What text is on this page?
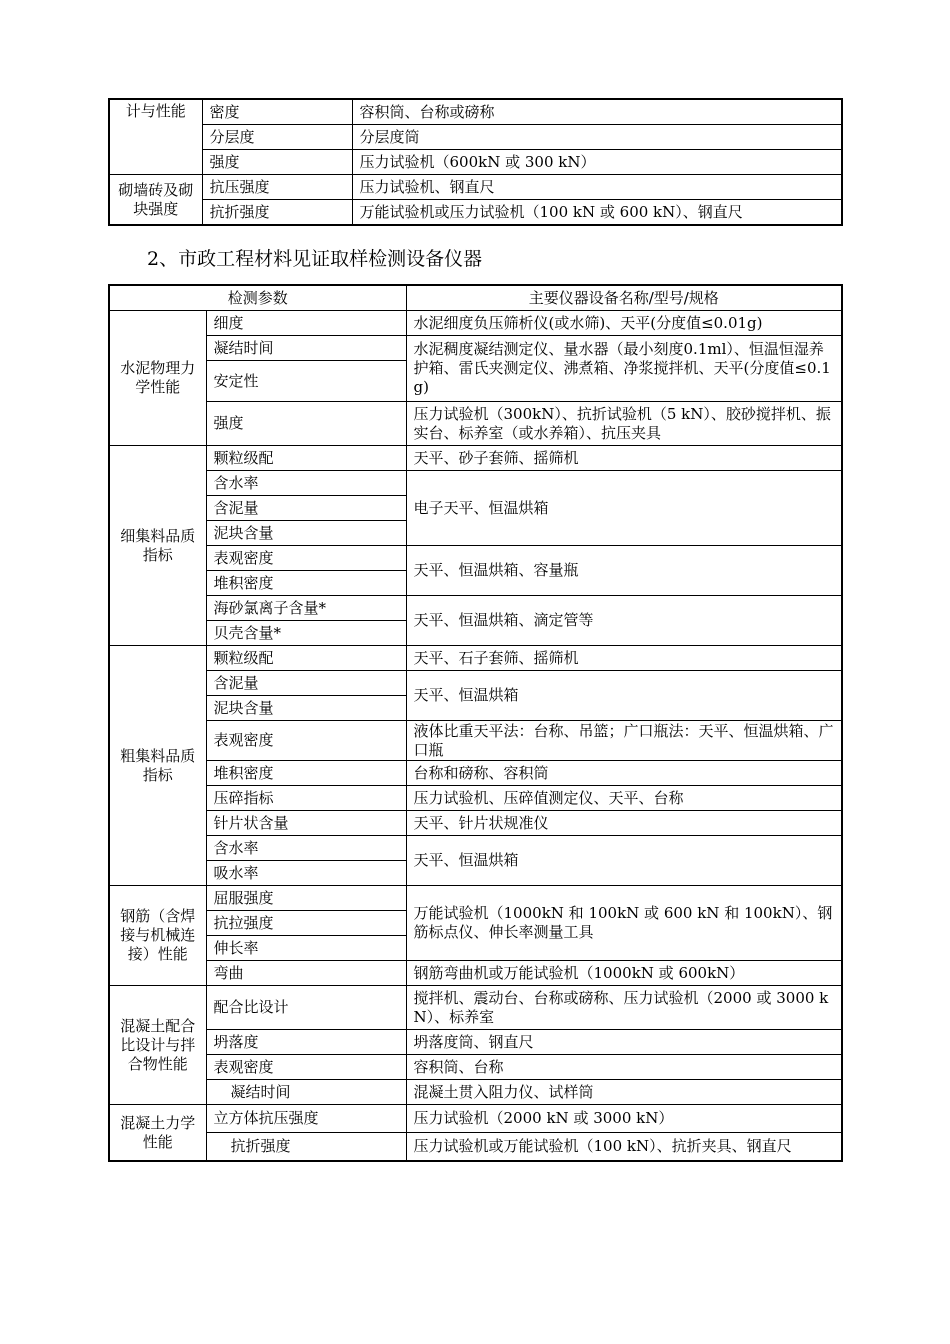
计与性能	密度	容积筒、台称或磅称
	分层度	分层度筒
	强度	压力试验机（600kN 或 300 kN）
砌墙砖及砌块强度	抗压强度	压力试验机、钢直尺
	抗折强度	万能试验机或压力试验机（100 kN 或 600 kN）、钢直尺
2、市政工程材料见证取样检测设备仪器
检测参数		主要仪器设备名称/型号/规格
水泥物理力学性能	细度	水泥细度负压筛析仪(或水筛)、天平(分度值≤0.01g)
	凝结时间	水泥稠度凝结测定仪、量水器（最小刻度0.1ml）、恒温恒湿养护箱、雷氏夹测定仪、沸煮箱、净浆搅拌机、天平(分度值≤0.1g)
	安定性	
	强度	压力试验机（300kN）、抗折试验机（5 kN）、胶砂搅拌机、振实台、标养室（或水养箱）、抗压夹具
细集料品质指标	颗粒级配	天平、砂子套筛、摇筛机
	含水率	电子天平、恒温烘箱
	含泥量	
	泥块含量	
	表观密度	天平、恒温烘箱、容量瓶
	堆积密度	
	海砂氯离子含量*	天平、恒温烘箱、滴定管等
	贝壳含量*	
粗集料品质指标	颗粒级配	天平、石子套筛、摇筛机
	含泥量	天平、恒温烘箱
	泥块含量	
	表观密度	液体比重天平法：台称、吊篮；广口瓶法：天平、恒温烘箱、广口瓶
	堆积密度	台称和磅称、容积筒
	压碎指标	压力试验机、压碎值测定仪、天平、台称
	针片状含量	天平、针片状规准仪
	含水率	天平、恒温烘箱
	吸水率	
钢筋（含焊接与机械连接）性能	屈服强度	万能试验机（1000kN 和 100kN 或 600 kN 和 100kN）、钢筋标点仪、伸长率测量工具
	抗拉强度	
	伸长率	
	弯曲	钢筋弯曲机或万能试验机（1000kN 或 600kN）
混凝土配合比设计与拌合物性能	配合比设计	搅拌机、震动台、台称或磅称、压力试验机（2000 或 3000 kN）、标养室
	坍落度	坍落度筒、钢直尺
	表观密度	容积筒、台称
	凝结时间	混凝土贯入阻力仪、试样筒
混凝土力学性能	立方体抗压强度	压力试验机（2000 kN 或 3000 kN）
	抗折强度	压力试验机或万能试验机（100 kN）、抗折夹具、钢直尺
